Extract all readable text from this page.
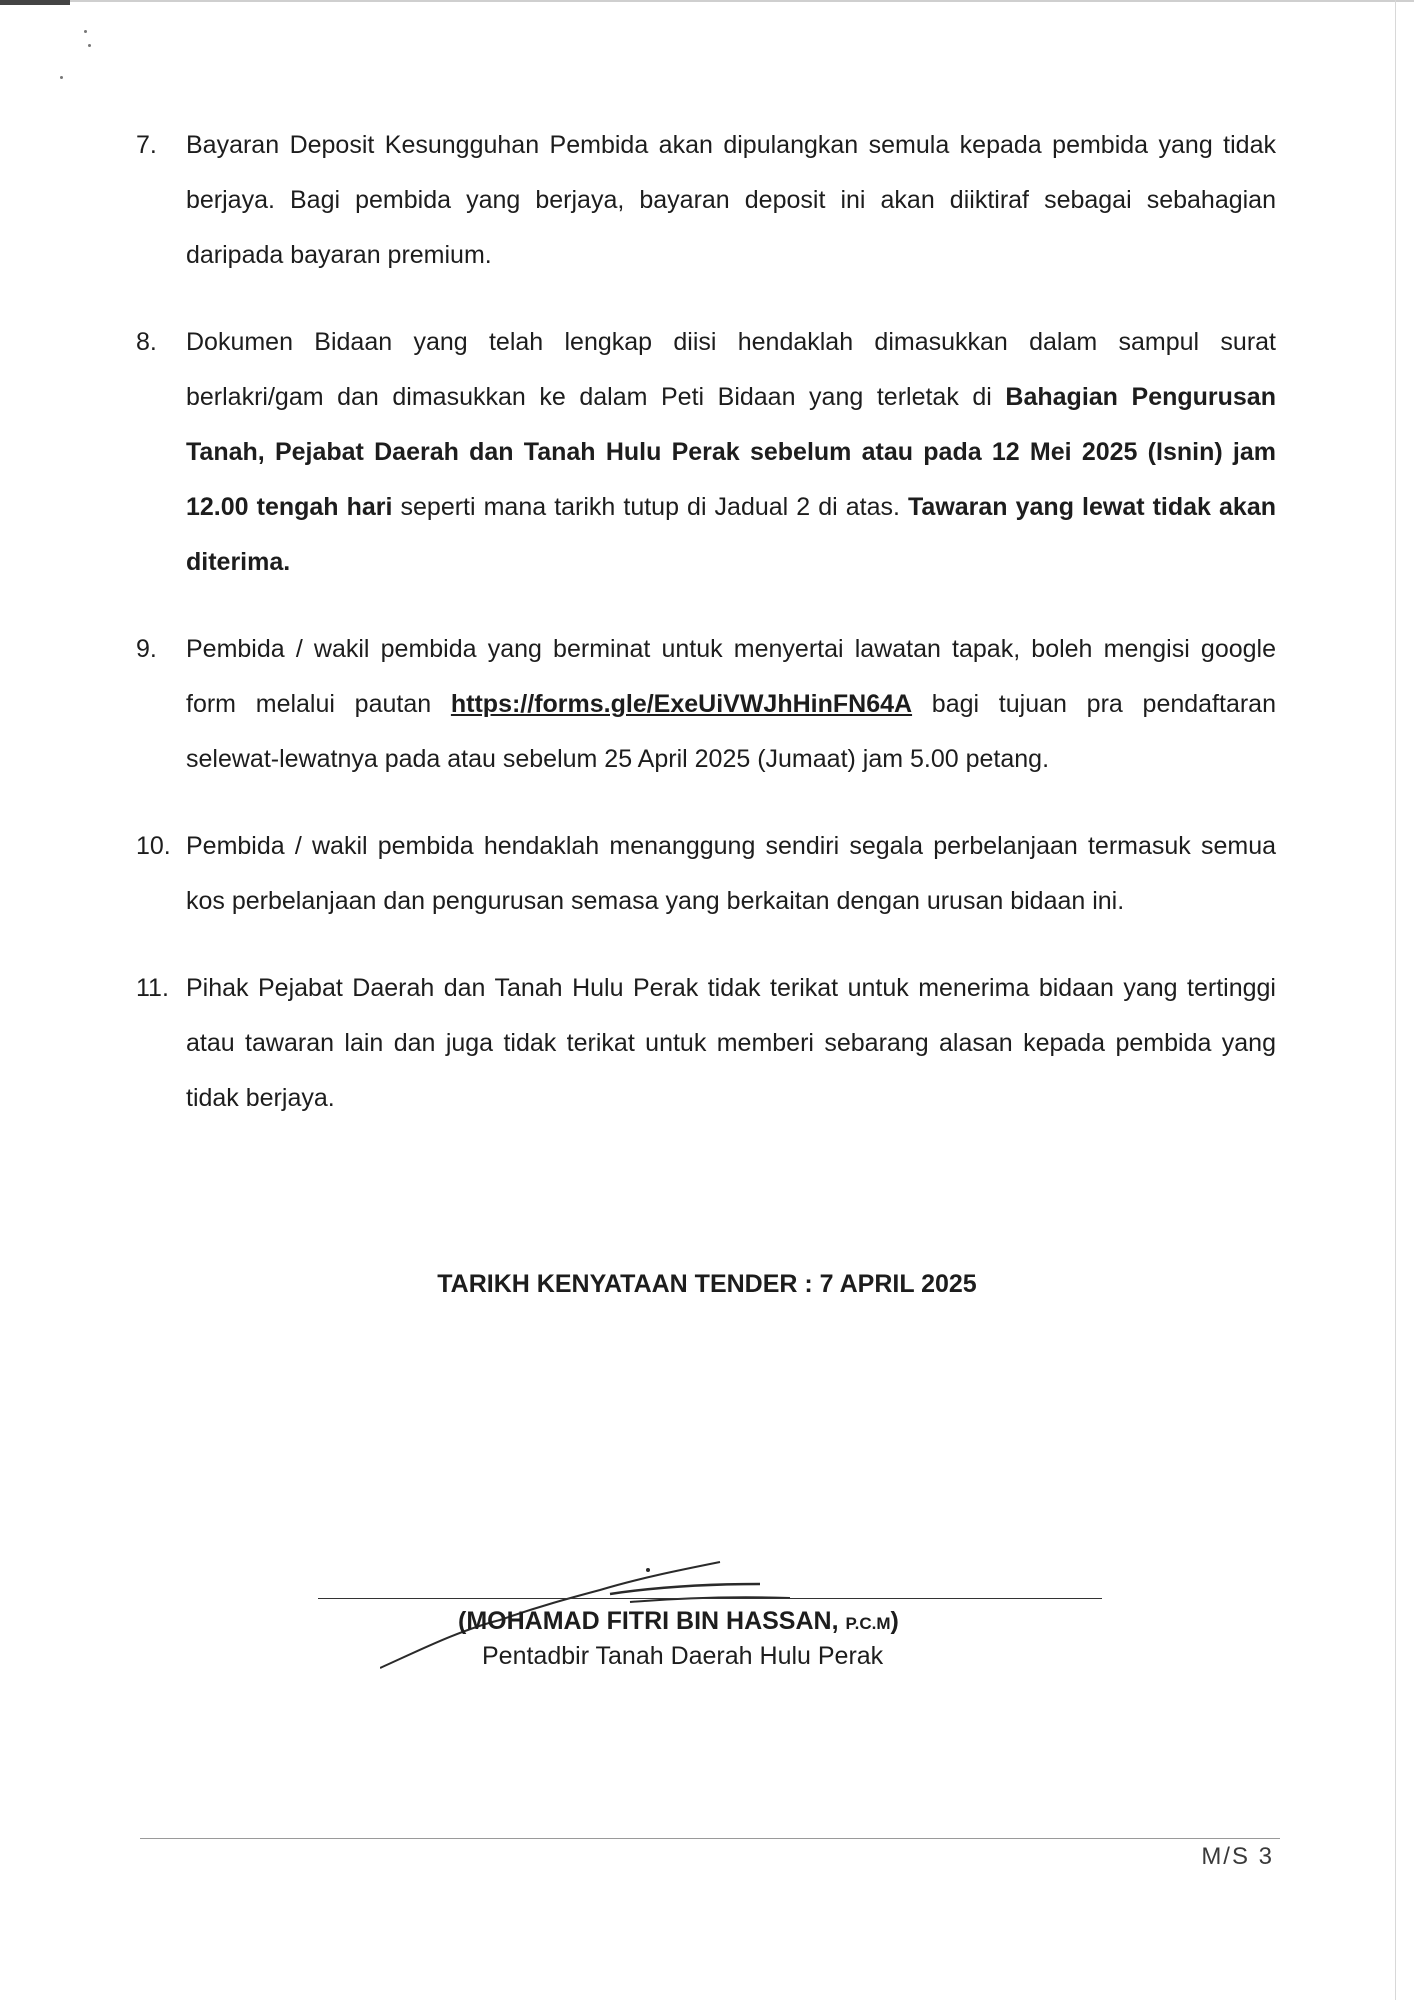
7.	Bayaran Deposit Kesungguhan Pembida akan dipulangkan semula kepada pembida yang tidak berjaya. Bagi pembida yang berjaya, bayaran deposit ini akan diiktiraf sebagai sebahagian daripada bayaran premium.
8.	Dokumen Bidaan yang telah lengkap diisi hendaklah dimasukkan dalam sampul surat berlakri/gam dan dimasukkan ke dalam Peti Bidaan yang terletak di Bahagian Pengurusan Tanah, Pejabat Daerah dan Tanah Hulu Perak sebelum atau pada 12 Mei 2025 (Isnin) jam 12.00 tengah hari seperti mana tarikh tutup di Jadual 2 di atas. Tawaran yang lewat tidak akan diterima.
9.	Pembida / wakil pembida yang berminat untuk menyertai lawatan tapak, boleh mengisi google form melalui pautan https://forms.gle/ExeUiVWJhHinFN64A bagi tujuan pra pendaftaran selewat-lewatnya pada atau sebelum 25 April 2025 (Jumaat) jam 5.00 petang.
10. Pembida / wakil pembida hendaklah menanggung sendiri segala perbelanjaan termasuk semua kos perbelanjaan dan pengurusan semasa yang berkaitan dengan urusan bidaan ini.
11. Pihak Pejabat Daerah dan Tanah Hulu Perak tidak terikat untuk menerima bidaan yang tertinggi atau tawaran lain dan juga tidak terikat untuk memberi sebarang alasan kepada pembida yang tidak berjaya.
TARIKH KENYATAAN TENDER : 7 APRIL 2025
(MOHAMAD FITRI BIN HASSAN, P.C.M)
Pentadbir Tanah Daerah Hulu Perak
M/S 3
